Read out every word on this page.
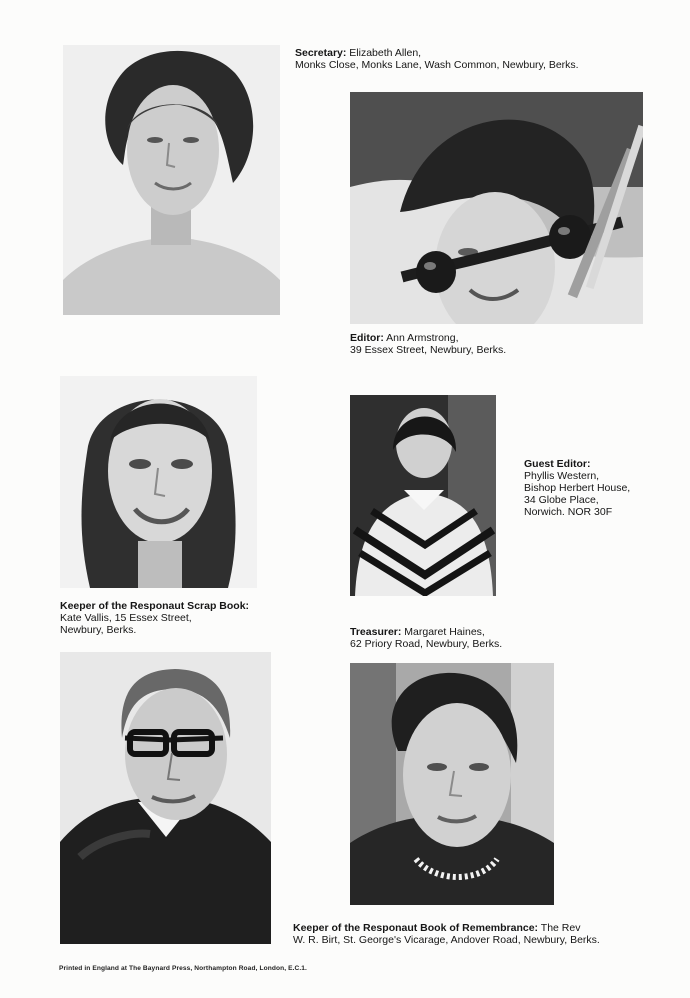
Secretary: Elizabeth Allen,
Monks Close, Monks Lane, Wash Common, Newbury, Berks.
Editor: Ann Armstrong,
39 Essex Street, Newbury, Berks.
Keeper of the Responaut Scrap Book:
Kate Vallis, 15 Essex Street,
Newbury, Berks.
Guest Editor:
Phyllis Western,
Bishop Herbert House,
34 Globe Place,
Norwich. NOR 30F
Treasurer: Margaret Haines,
62 Priory Road, Newbury, Berks.
Keeper of the Responaut Book of Remembrance: The Rev
W. R. Birt, St. George's Vicarage, Andover Road, Newbury, Berks.
Printed in England at The Baynard Press, Northampton Road, London, E.C.1.
